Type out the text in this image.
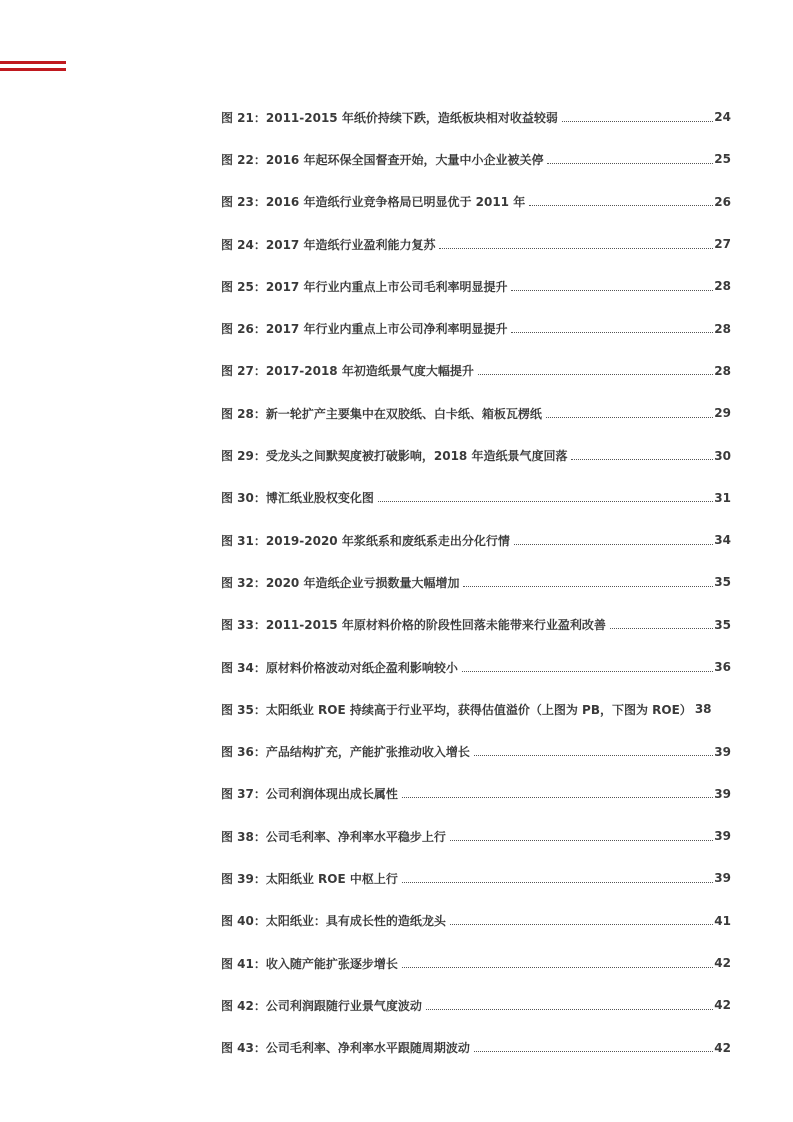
图 21：2011-2015 年纸价持续下跌，造纸板块相对收益较弱	24
图 22：2016 年起环保全国督查开始，大量中小企业被关停	25
图 23：2016 年造纸行业竞争格局已明显优于 2011 年	26
图 24：2017 年造纸行业盈利能力复苏	27
图 25：2017 年行业内重点上市公司毛利率明显提升	28
图 26：2017 年行业内重点上市公司净利率明显提升	28
图 27：2017-2018 年初造纸景气度大幅提升	28
图 28：新一轮扩产主要集中在双胶纸、白卡纸、箱板瓦楞纸	29
图 29：受龙头之间默契度被打破影响，2018 年造纸景气度回落	30
图 30：博汇纸业股权变化图	31
图 31：2019-2020 年浆纸系和废纸系走出分化行情	34
图 32：2020 年造纸企业亏损数量大幅增加	35
图 33：2011-2015 年原材料价格的阶段性回落未能带来行业盈利改善	35
图 34：原材料价格波动对纸企盈利影响较小	36
图 35：太阳纸业 ROE 持续高于行业平均，获得估值溢价（上图为 PB，下图为 ROE） 38
图 36：产品结构扩充，产能扩张推动收入增长	39
图 37：公司利润体现出成长属性	39
图 38：公司毛利率、净利率水平稳步上行	39
图 39：太阳纸业 ROE 中枢上行	39
图 40：太阳纸业：具有成长性的造纸龙头	41
图 41：收入随产能扩张逐步增长	42
图 42：公司利润跟随行业景气度波动	42
图 43：公司毛利率、净利率水平跟随周期波动	42
